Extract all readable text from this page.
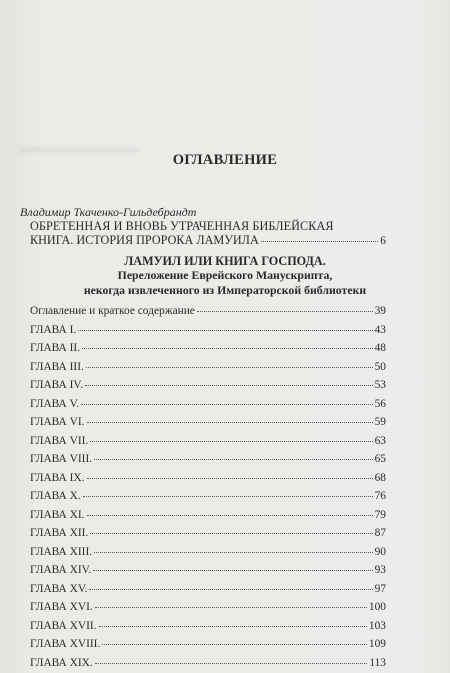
ОГЛАВЛЕНИЕ
Владимир Ткаченко-Гильдебрандт
ОБРЕТЕННАЯ И ВНОВЬ УТРАЧЕННАЯ БИБЛЕЙСКАЯ
КНИГА. ИСТОРИЯ ПРОРОКА ЛАМУИЛА	6
ЛАМУИЛ ИЛИ КНИГА ГОСПОДА.
Переложение Еврейского Манускрипта,
некогда извлеченного из Императорской библиотеки
Оглавление и краткое содержание	39
ГЛАВА I.	43
ГЛАВА II.	48
ГЛАВА III.	50
ГЛАВА IV.	53
ГЛАВА V.	56
ГЛАВА VI.	59
ГЛАВА VII.	63
ГЛАВА VIII.	65
ГЛАВА IX.	68
ГЛАВА X.	76
ГЛАВА XI.	79
ГЛАВА XII.	87
ГЛАВА XIII.	90
ГЛАВА XIV.	93
ГЛАВА XV.	97
ГЛАВА XVI.	100
ГЛАВА XVII.	103
ГЛАВА XVIII.	109
ГЛАВА XIX.	113
